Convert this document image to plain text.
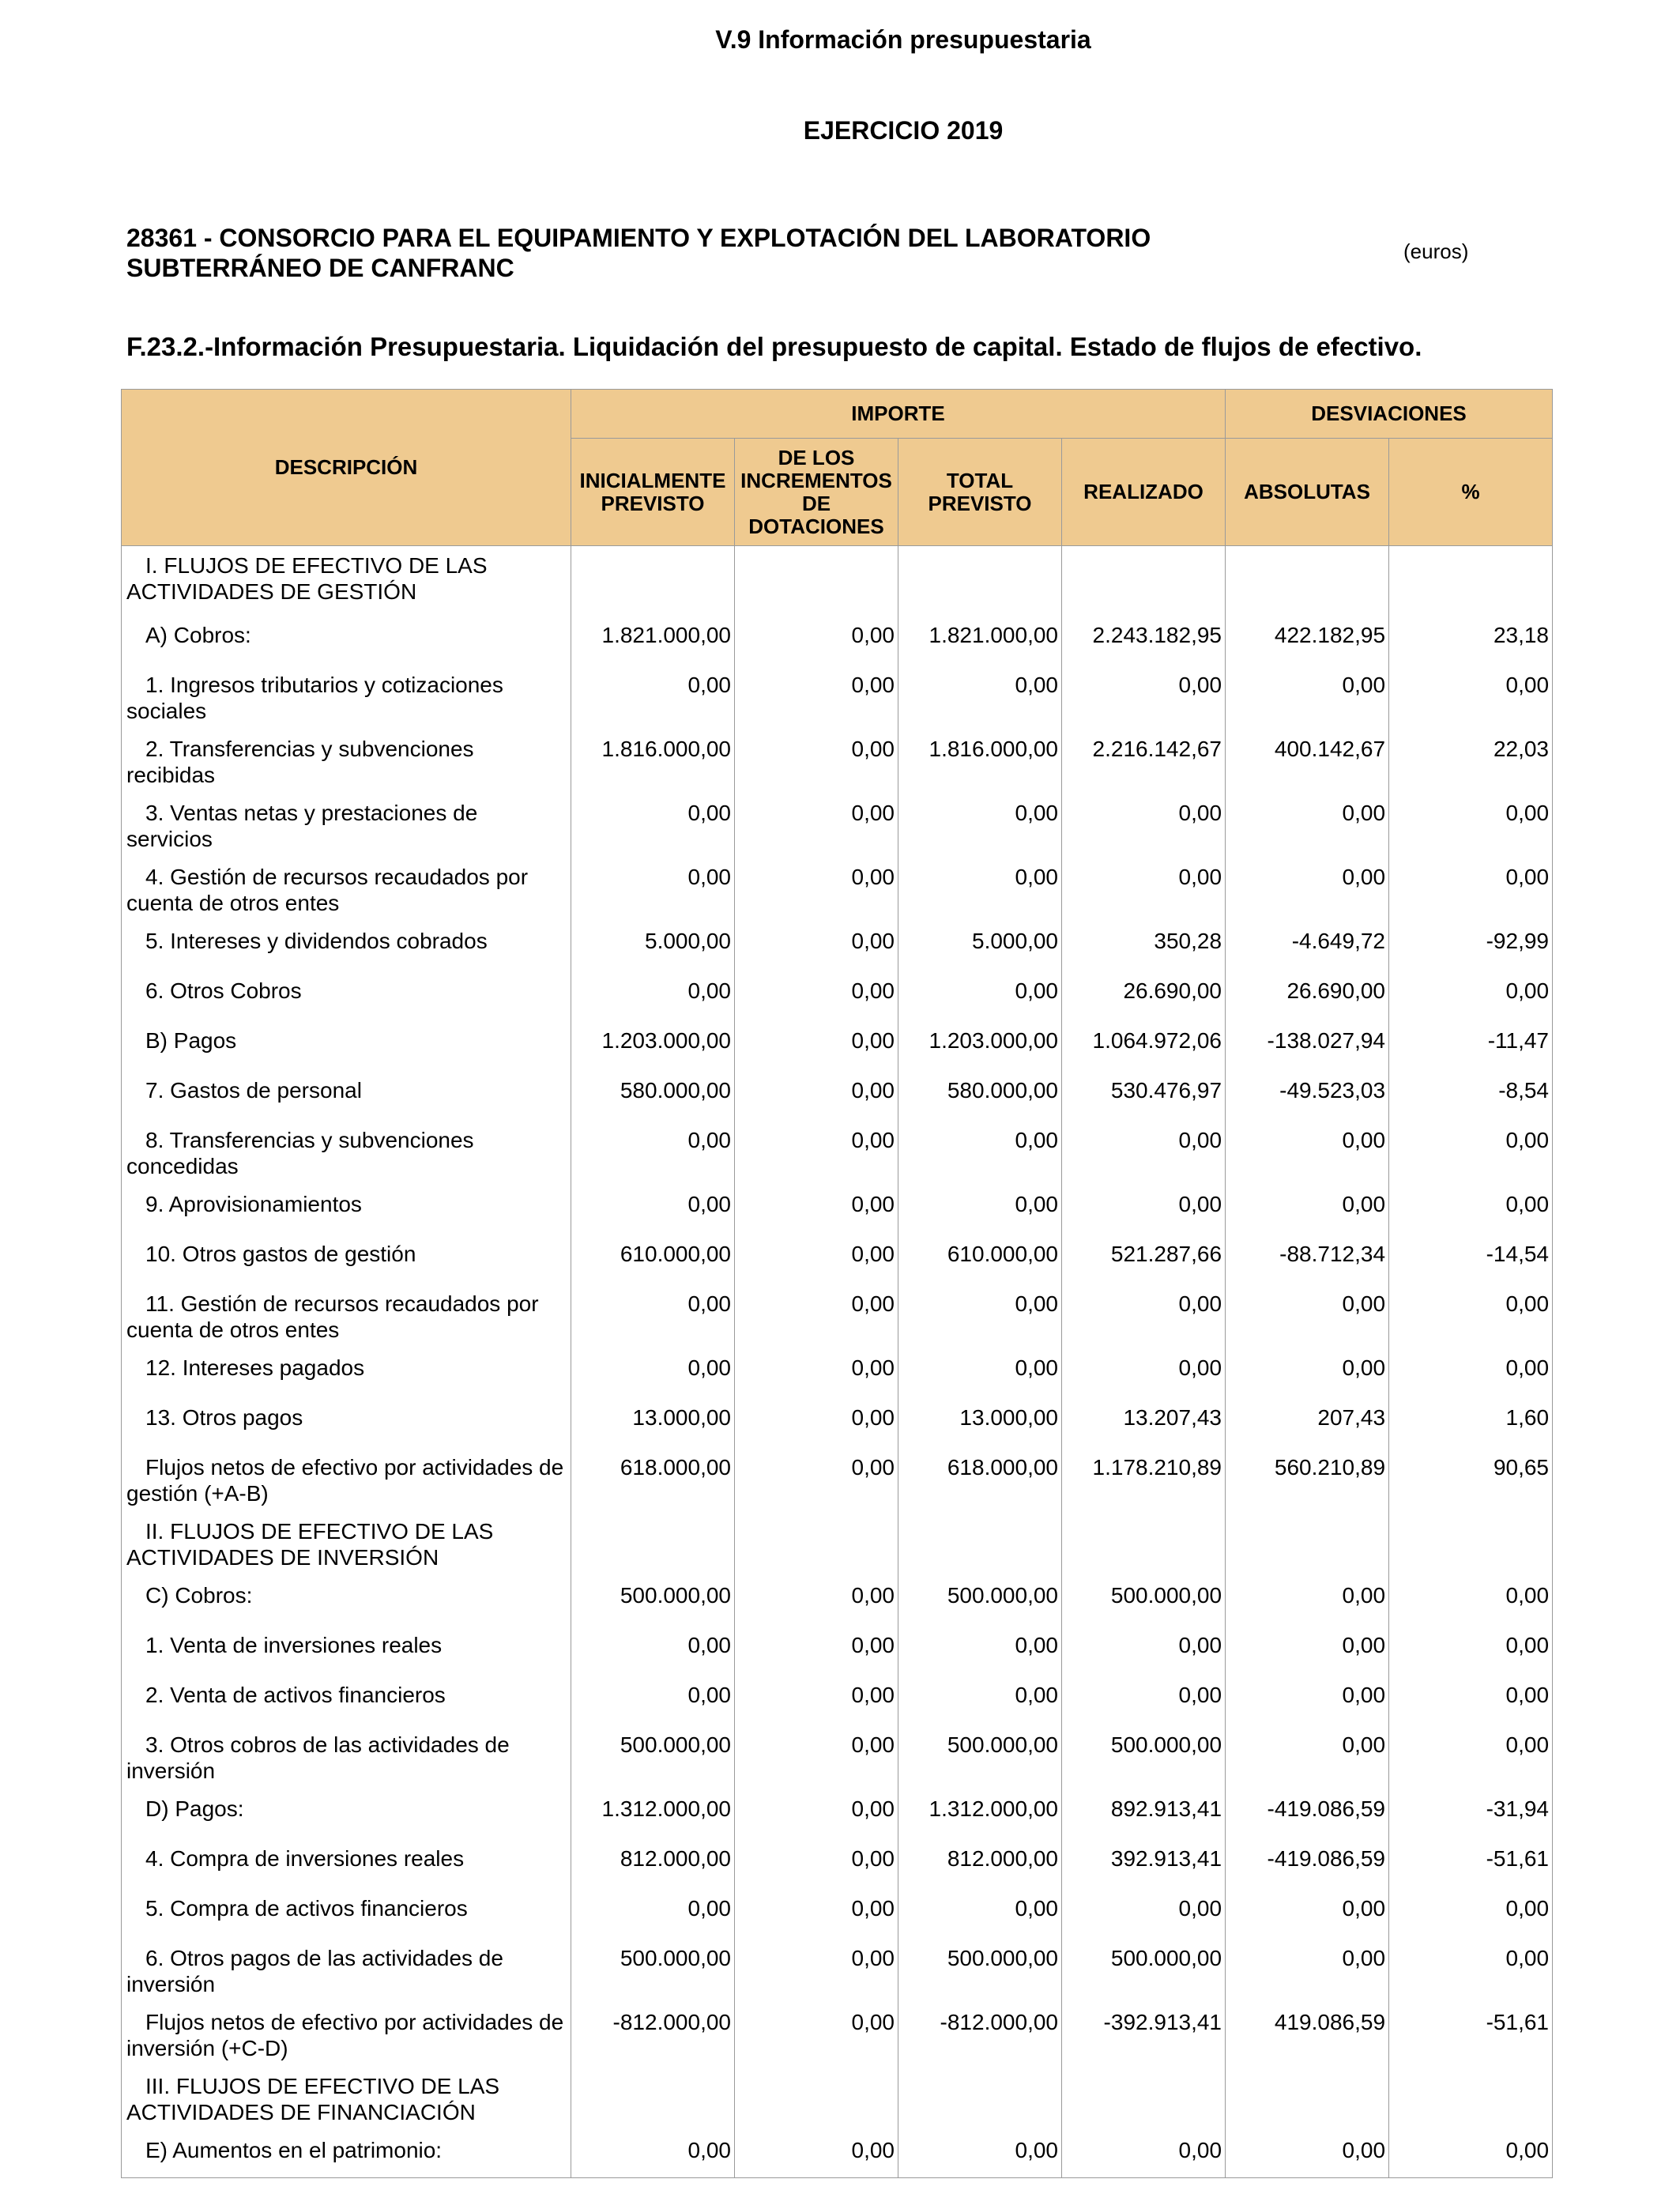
V.9 Información presupuestaria
EJERCICIO 2019
28361 - CONSORCIO PARA EL EQUIPAMIENTO Y EXPLOTACIÓN DEL LABORATORIO
SUBTERRÁNEO DE CANFRANC
(euros)
F.23.2.-Información Presupuestaria. Liquidación del presupuesto de capital. Estado de flujos de efectivo.
DESCRIPCIÓN	IMPORTE				DESVIACIONES	
	INICIALMENTE PREVISTO	DE LOS INCREMENTOS DE DOTACIONES	TOTAL PREVISTO	REALIZADO	ABSOLUTAS	%

I. FLUJOS DE EFECTIVO DE LAS ACTIVIDADES DE GESTIÓN						

A) Cobros:	1.821.000,00	0,00	1.821.000,00	2.243.182,95	422.182,95	23,18

1. Ingresos tributarios y cotizaciones sociales	0,00	0,00	0,00	0,00	0,00	0,00

2. Transferencias y subvenciones recibidas	1.816.000,00	0,00	1.816.000,00	2.216.142,67	400.142,67	22,03

3. Ventas netas y prestaciones de servicios	0,00	0,00	0,00	0,00	0,00	0,00

4. Gestión de recursos recaudados por cuenta de otros entes	0,00	0,00	0,00	0,00	0,00	0,00

5. Intereses y dividendos cobrados	5.000,00	0,00	5.000,00	350,28	-4.649,72	-92,99

6. Otros Cobros	0,00	0,00	0,00	26.690,00	26.690,00	0,00

B) Pagos	1.203.000,00	0,00	1.203.000,00	1.064.972,06	-138.027,94	-11,47

7. Gastos de personal	580.000,00	0,00	580.000,00	530.476,97	-49.523,03	-8,54

8. Transferencias y subvenciones concedidas	0,00	0,00	0,00	0,00	0,00	0,00

9. Aprovisionamientos	0,00	0,00	0,00	0,00	0,00	0,00

10. Otros gastos de gestión	610.000,00	0,00	610.000,00	521.287,66	-88.712,34	-14,54

11. Gestión de recursos recaudados por cuenta de otros entes	0,00	0,00	0,00	0,00	0,00	0,00

12. Intereses pagados	0,00	0,00	0,00	0,00	0,00	0,00

13. Otros pagos	13.000,00	0,00	13.000,00	13.207,43	207,43	1,60

Flujos netos de efectivo por actividades de gestión (+A-B)	618.000,00	0,00	618.000,00	1.178.210,89	560.210,89	90,65

II. FLUJOS DE EFECTIVO DE LAS ACTIVIDADES DE INVERSIÓN						

C) Cobros:	500.000,00	0,00	500.000,00	500.000,00	0,00	0,00

1. Venta de inversiones reales	0,00	0,00	0,00	0,00	0,00	0,00

2. Venta de activos financieros	0,00	0,00	0,00	0,00	0,00	0,00

3. Otros cobros de las actividades de inversión	500.000,00	0,00	500.000,00	500.000,00	0,00	0,00

D) Pagos:	1.312.000,00	0,00	1.312.000,00	892.913,41	-419.086,59	-31,94

4. Compra de inversiones reales	812.000,00	0,00	812.000,00	392.913,41	-419.086,59	-51,61

5. Compra de activos financieros	0,00	0,00	0,00	0,00	0,00	0,00

6. Otros pagos de las actividades de inversión	500.000,00	0,00	500.000,00	500.000,00	0,00	0,00

Flujos netos de efectivo por actividades de inversión (+C-D)	-812.000,00	0,00	-812.000,00	-392.913,41	419.086,59	-51,61

III. FLUJOS DE EFECTIVO DE LAS ACTIVIDADES DE FINANCIACIÓN						

E) Aumentos en el patrimonio:	0,00	0,00	0,00	0,00	0,00	0,00
